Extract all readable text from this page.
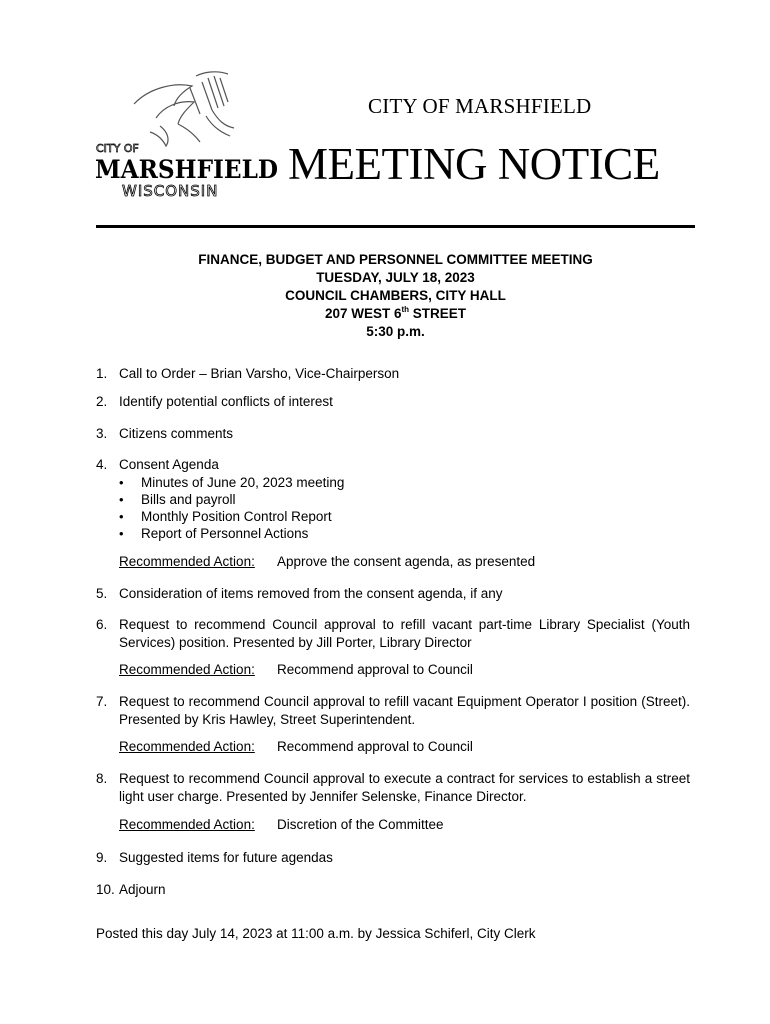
CITY OF
MARSHFIELD
WISCONSIN
CITY OF MARSHFIELD
MEETING NOTICE
FINANCE, BUDGET AND PERSONNEL COMMITTEE MEETING
TUESDAY, JULY 18, 2023
COUNCIL CHAMBERS, CITY HALL
207 WEST 6th STREET
5:30 p.m.
1. Call to Order – Brian Varsho, Vice-Chairperson
2. Identify potential conflicts of interest
3. Citizens comments
4. Consent Agenda
• Minutes of June 20, 2023 meeting
• Bills and payroll
• Monthly Position Control Report
• Report of Personnel Actions
Recommended Action: Approve the consent agenda, as presented
5. Consideration of items removed from the consent agenda, if any
6. Request to recommend Council approval to refill vacant part-time Library Specialist (Youth Services) position. Presented by Jill Porter, Library Director
Recommended Action: Recommend approval to Council
7. Request to recommend Council approval to refill vacant Equipment Operator I position (Street). Presented by Kris Hawley, Street Superintendent.
Recommended Action: Recommend approval to Council
8. Request to recommend Council approval to execute a contract for services to establish a street light user charge. Presented by Jennifer Selenske, Finance Director.
Recommended Action: Discretion of the Committee
9. Suggested items for future agendas
10. Adjourn
Posted this day July 14, 2023 at 11:00 a.m. by Jessica Schiferl, City Clerk
